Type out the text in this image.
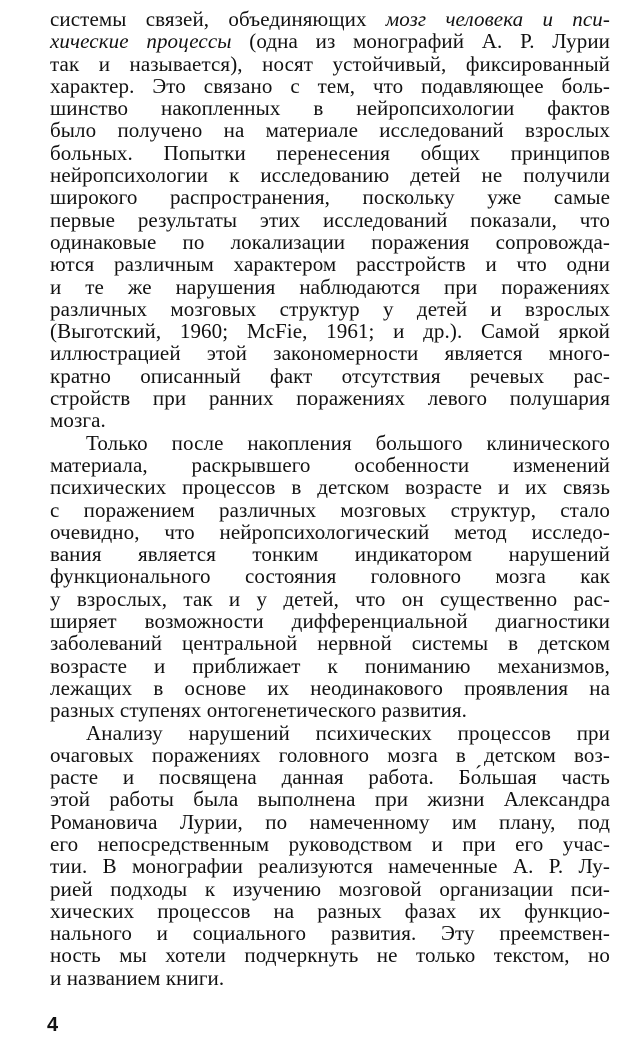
системы связей, объединяющих мозг человека и пси-
хические процессы (одна из монографий А. Р. Лурии
так и называется), носят устойчивый, фиксированный
характер. Это связано с тем, что подавляющее боль-
шинство накопленных в нейропсихологии фактов
было получено на материале исследований взрослых
больных. Попытки перенесения общих принципов
нейропсихологии к исследованию детей не получили
широкого распространения, поскольку уже самые
первые результаты этих исследований показали, что
одинаковые по локализации поражения сопровожда-
ются различным характером расстройств и что одни
и те же нарушения наблюдаются при поражениях
различных мозговых структур у детей и взрослых
(Выготский, 1960; McFie, 1961; и др.). Самой яркой
иллюстрацией этой закономерности является много-
кратно описанный факт отсутствия речевых рас-
стройств при ранних поражениях левого полушария
мозга.
Только после накопления большого клинического
материала, раскрывшего особенности изменений
психических процессов в детском возрасте и их связь
с поражением различных мозговых структур, стало
очевидно, что нейропсихологический метод исследо-
вания является тонким индикатором нарушений
функционального состояния головного мозга как
у взрослых, так и у детей, что он существенно рас-
ширяет возможности дифференциальной диагностики
заболеваний центральной нервной системы в детском
возрасте и приближает к пониманию механизмов,
лежащих в основе их неодинакового проявления на
разных ступенях онтогенетического развития.
Анализу нарушений психических процессов при
очаговых поражениях головного мозга в детском воз-
расте и посвящена данная работа. Бо́льшая часть
этой работы была выполнена при жизни Александра
Романовича Лурии, по намеченному им плану, под
его непосредственным руководством и при его учас-
тии. В монографии реализуются намеченные А. Р. Лу-
рией подходы к изучению мозговой организации пси-
хических процессов на разных фазах их функцио-
нального и социального развития. Эту преемствен-
ность мы хотели подчеркнуть не только текстом, но
и названием книги.
4
